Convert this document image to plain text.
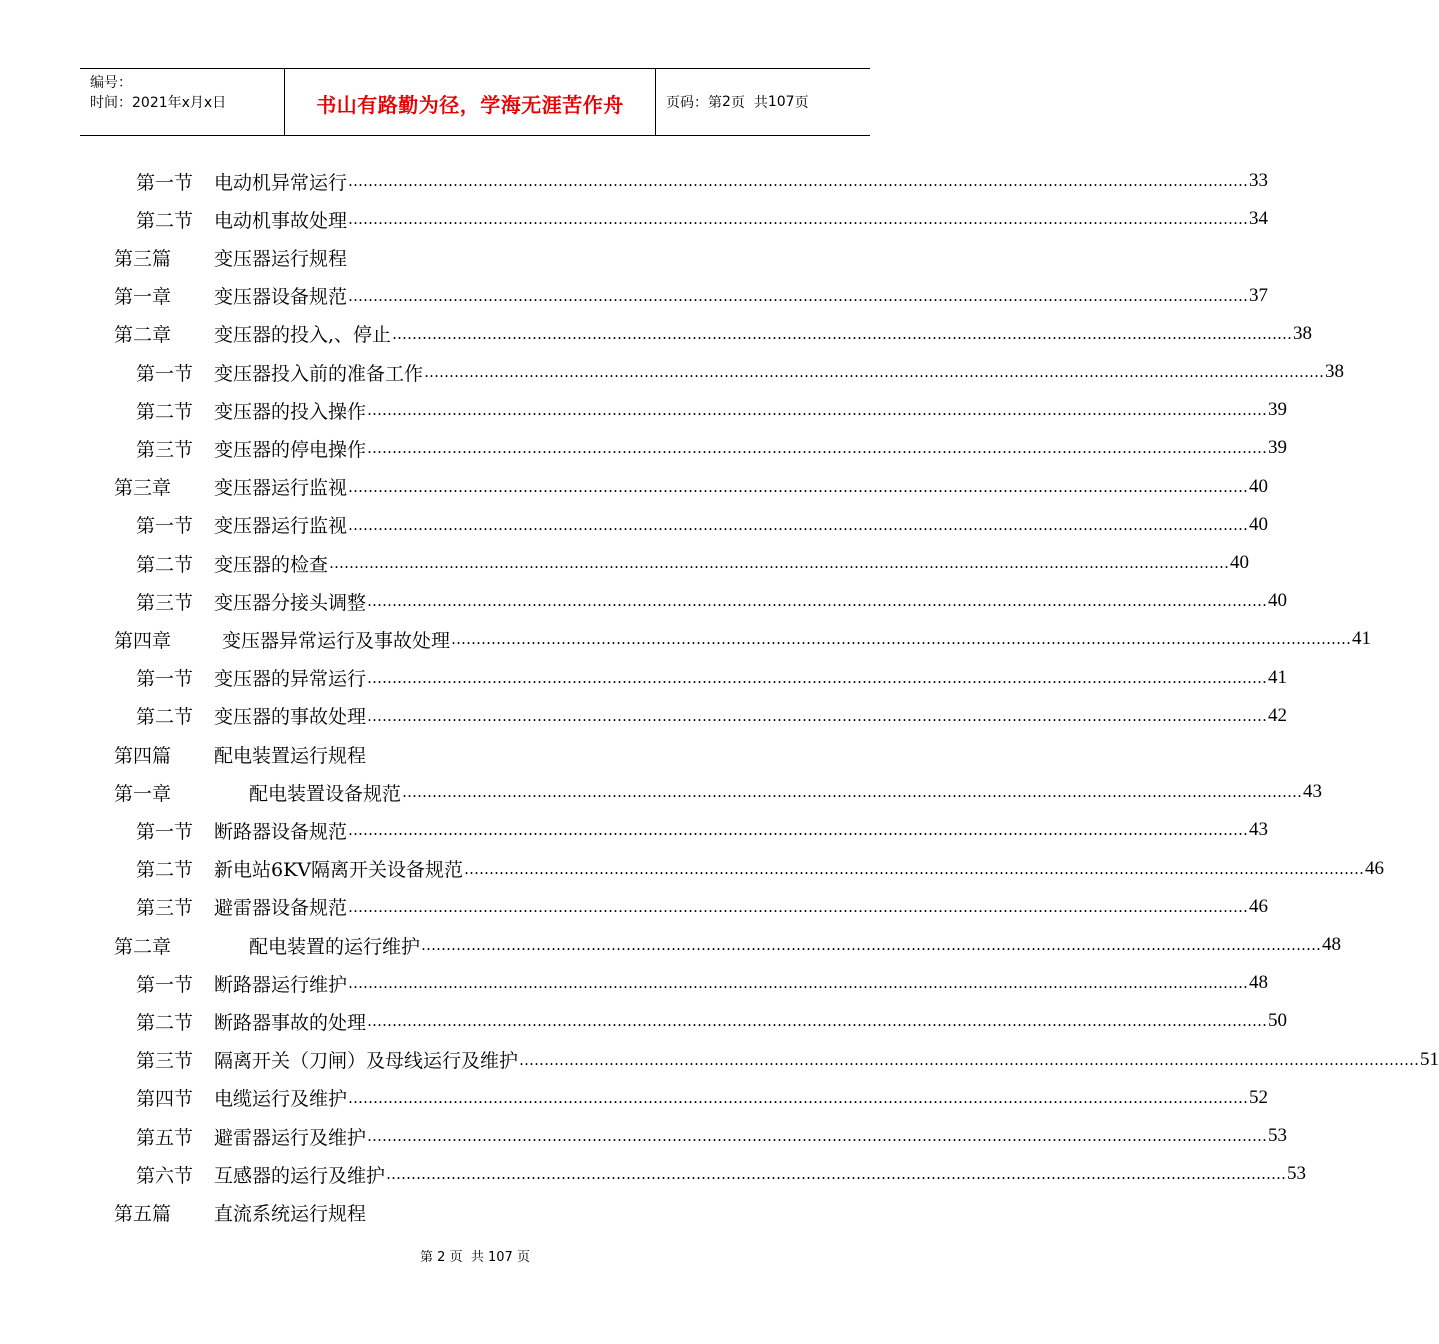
编号：
时间：2021年x月x日	书山有路勤为径，学海无涯苦作舟	页码：第 2 页  共 107 页
第一节	电动机异常运行 ……………………………………………………………………………………………………………………………………………………………… 33
第二节	电动机事故处理 ……………………………………………………………………………………………………………………………………………………………… 34
第三篇	变压器运行规程
第一章	变压器设备规范 ……………………………………………………………………………………………………………………………………………………………… 37
第二章	变压器的投入,、停止 ……………………………………………………………………………………………………………………………………………………………… 38
第一节	变压器投入前的准备工作 ……………………………………………………………………………………………………………………………………………………………… 38
第二节	变压器的投入操作 ……………………………………………………………………………………………………………………………………………………………… 39
第三节	变压器的停电操作 ……………………………………………………………………………………………………………………………………………………………… 39
第三章	变压器运行监视 ……………………………………………………………………………………………………………………………………………………………… 40
第一节	变压器运行监视 ……………………………………………………………………………………………………………………………………………………………… 40
第二节	变压器的检查 ……………………………………………………………………………………………………………………………………………………………… 40
第三节	变压器分接头调整 ……………………………………………………………………………………………………………………………………………………………… 40
第四章	变压器异常运行及事故处理 ……………………………………………………………………………………………………………………………………………………………… 41
第一节	变压器的异常运行 ……………………………………………………………………………………………………………………………………………………………… 41
第二节	变压器的事故处理 ……………………………………………………………………………………………………………………………………………………………… 42
第四篇	配电装置运行规程
第一章	配电装置设备规范 ……………………………………………………………………………………………………………………………………………………………… 43
第一节	断路器设备规范 ……………………………………………………………………………………………………………………………………………………………… 43
第二节	新电站6KV隔离开关设备规范 ……………………………………………………………………………………………………………………………………………………………… 46
第三节	避雷器设备规范 ……………………………………………………………………………………………………………………………………………………………… 46
第二章	配电装置的运行维护 ……………………………………………………………………………………………………………………………………………………………… 48
第一节	断路器运行维护 ……………………………………………………………………………………………………………………………………………………………… 48
第二节	断路器事故的处理 ……………………………………………………………………………………………………………………………………………………………… 50
第三节	隔离开关（刀闸）及母线运行及维护 ……………………………………………………………………………………………………………………………………………………………… 51
第四节	电缆运行及维护 ……………………………………………………………………………………………………………………………………………………………… 52
第五节	避雷器运行及维护 ……………………………………………………………………………………………………………………………………………………………… 53
第六节	互感器的运行及维护 ……………………………………………………………………………………………………………………………………………………………… 53
第五篇	直流系统运行规程
第 2 页  共 107 页
